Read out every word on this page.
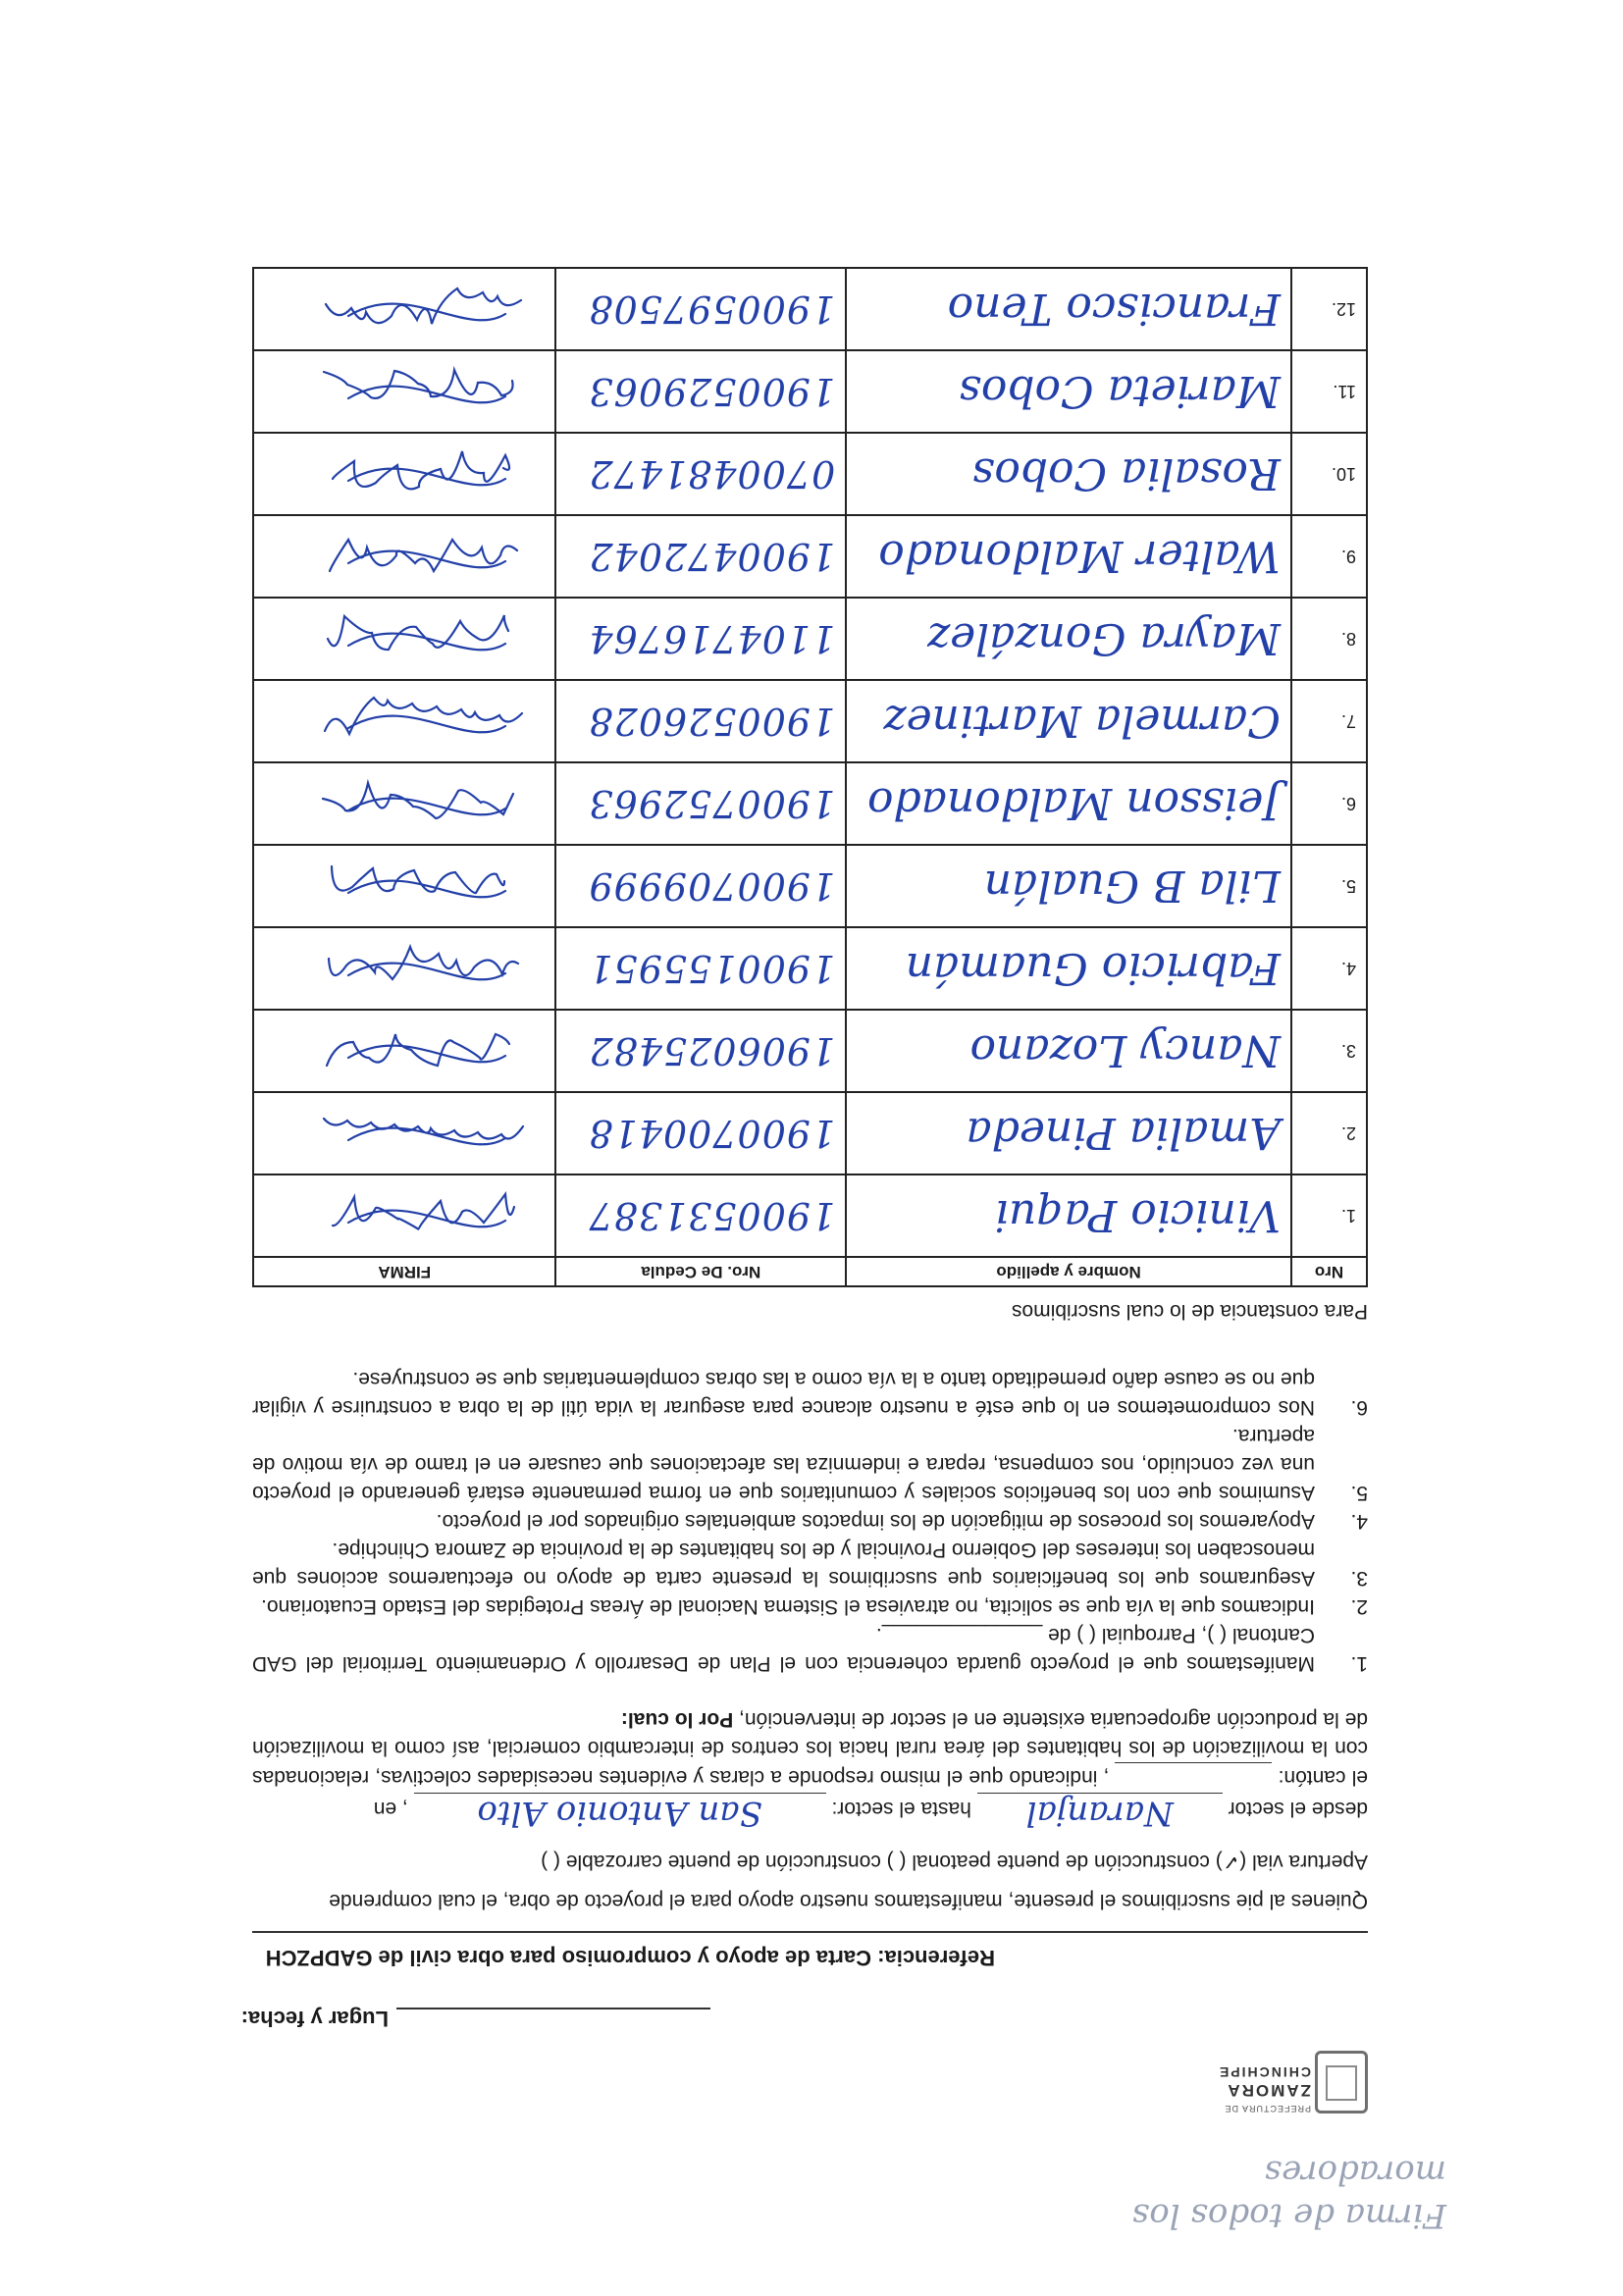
Firma de todos los moradores
PREFECTURA DE
ZAMORA
CHINCHIPE
Lugar y fecha:
Referencia: Carta de apoyo y compromiso para obra civil de GADPZCH
Quienes al pie suscribimos el presente, manifestamos nuestro apoyo para el proyecto de obra, el cual comprende
Apertura vial (✓) construcción de puente peatonal ( ) construcción de puente carrozable ( )
desde el sector Naranjal hasta el sector: San Antonio Alto , en
el cantón:   , indicando que el mismo responde a claras y evidentes necesidades colectivas, relacionadas con la movilización de los habitantes del área rural hacia los centros de intercambio comercial, así como la movilización de la producción agropecuaria existente en el sector de intervención, Por lo cual:
1.
Manifestamos que el proyecto guarda coherencia con el Plan de Desarrollo y Ordenamiento Territorial del GAD Cantonal ( ), Parroquial ( ) de ______________.
2.
Indicamos que la vía que se solicita, no atraviesa el Sistema Nacional de Áreas Protegidas del Estado Ecuatoriano.
3.
Aseguramos que los beneficiarios que suscribimos la presente carta de apoyo no efectuaremos acciones que menoscaben los intereses del Gobierno Provincial y de los habitantes de la provincia de Zamora Chinchipe.
4.
Apoyaremos los procesos de mitigación de los impactos ambientales originados por el proyecto.
5.
Asumimos que con los beneficios sociales y comunitarios que en forma permanente estará generando el proyecto una vez concluido, nos compensa, repara e indemniza las afectaciones que causare en el tramo de vía motivo de apertura.
6.
Nos comprometemos en lo que esté a nuestro alcance para asegurar la vida útil de la obra a construirse y vigilar que no se cause daño premeditado tanto a la vía como a las obras complementarias que se construyese.
Para constancia de lo cual suscribimos
Nro	Nombre y apellido	Nro. De Cedula	FIRMA
1.	Vinicio Paqui	1900531387	

2.	Amalia Pineda	1900700418	

3.	Nancy Lozano	1906025482	

4.	Fabricio Guamán	1900155951	

5.	Lila B Gualán	1900709999	

6.	Jeisson Maldonado	1900752963	

7.	Carmela Martinez	1900526028	

8.	Mayra González	1104716764	

9.	Walter Maldonado	1900472042	

10.	Rosalia Cobos	0700481472	

11.	Marieta Cobos	1900529063	

12.	Francisco Teno	1900597508	
